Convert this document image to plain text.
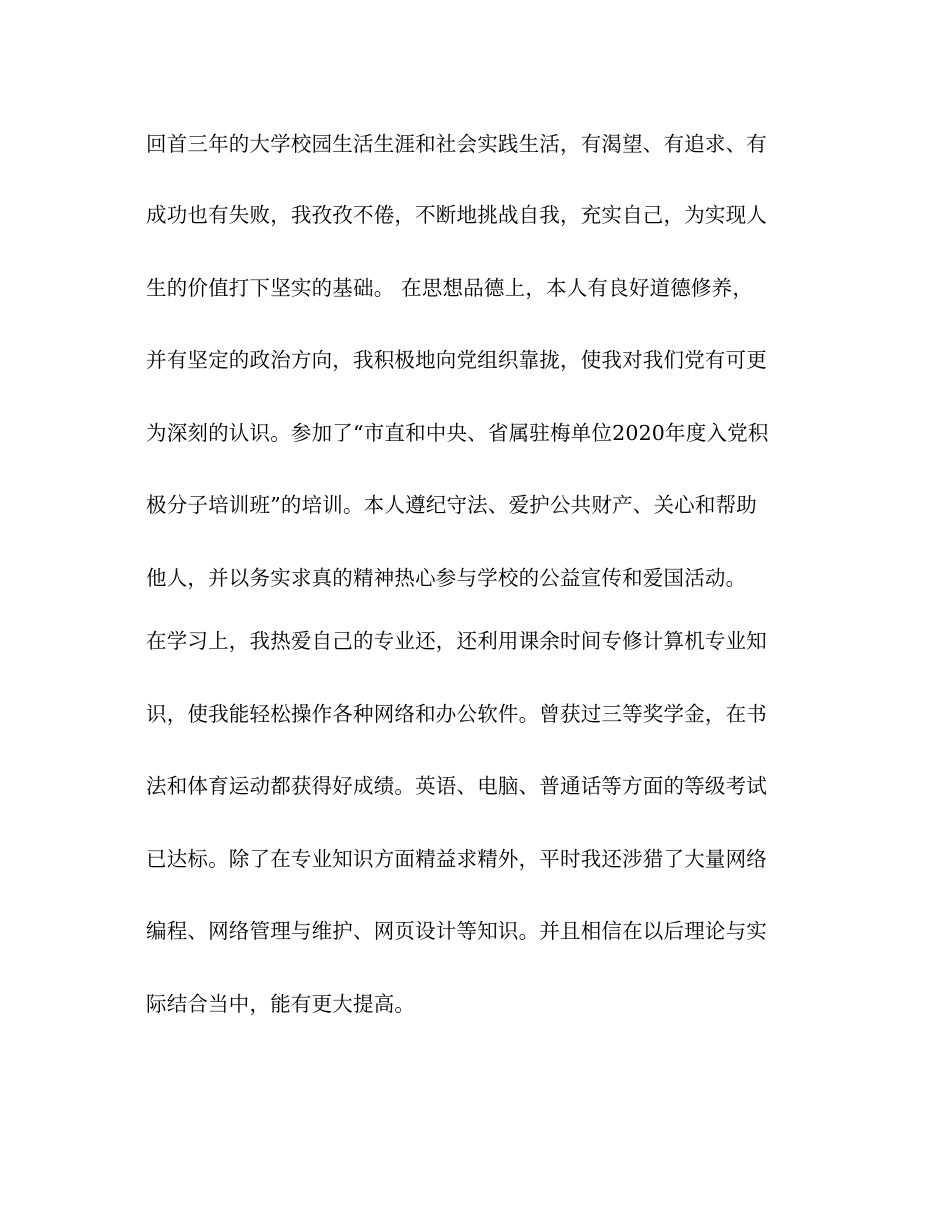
回首三年的大学校园生活生涯和社会实践生活，有渴望、有追求、有
成功也有失败，我孜孜不倦，不断地挑战自我，充实自己，为实现人
生的价值打下坚实的基础。 在思想品德上，本人有良好道德修养，
并有坚定的政治方向，我积极地向党组织靠拢，使我对我们党有可更
为深刻的认识。参加了“市直和中央、省属驻梅单位2020年度入党积
极分子培训班”的培训。本人遵纪守法、爱护公共财产、关心和帮助
他人，并以务实求真的精神热心参与学校的公益宣传和爱国活动。
在学习上，我热爱自己的专业还，还利用课余时间专修计算机专业知
识，使我能轻松操作各种网络和办公软件。曾获过三等奖学金，在书
法和体育运动都获得好成绩。英语、电脑、普通话等方面的等级考试
已达标。除了在专业知识方面精益求精外，平时我还涉猎了大量网络
编程、网络管理与维护、网页设计等知识。并且相信在以后理论与实
际结合当中，能有更大提高。
